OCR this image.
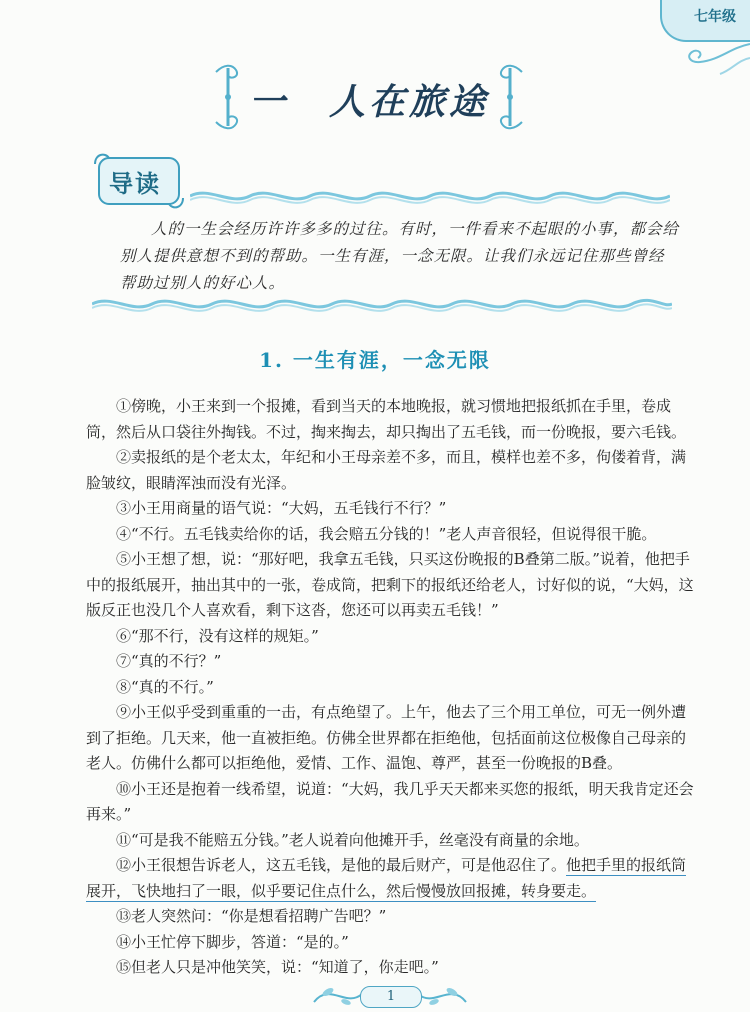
七年级
一　人在旅途
导读
人的一生会经历许许多多的过往。有时，一件看来不起眼的小事，都会给别人提供意想不到的帮助。一生有涯，一念无限。让我们永远记住那些曾经帮助过别人的好心人。
1. 一生有涯，一念无限

①傍晚，小王来到一个报摊，看到当天的本地晚报，就习惯地把报纸抓在手里，卷成筒，然后从口袋往外掏钱。不过，掏来掏去，却只掏出了五毛钱，而一份晚报，要六毛钱。

②卖报纸的是个老太太，年纪和小王母亲差不多，而且，模样也差不多，佝偻着背，满脸皱纹，眼睛浑浊而没有光泽。

③小王用商量的语气说：“大妈，五毛钱行不行？”

④“不行。五毛钱卖给你的话，我会赔五分钱的！”老人声音很轻，但说得很干脆。

⑤小王想了想，说：“那好吧，我拿五毛钱，只买这份晚报的B叠第二版。”说着，他把手中的报纸展开，抽出其中的一张，卷成筒，把剩下的报纸还给老人，讨好似的说，“大妈，这版反正也没几个人喜欢看，剩下这沓，您还可以再卖五毛钱！”

⑥“那不行，没有这样的规矩。”

⑦“真的不行？”

⑧“真的不行。”

⑨小王似乎受到重重的一击，有点绝望了。上午，他去了三个用工单位，可无一例外遭到了拒绝。几天来，他一直被拒绝。仿佛全世界都在拒绝他，包括面前这位极像自己母亲的老人。仿佛什么都可以拒绝他，爱情、工作、温饱、尊严，甚至一份晚报的B叠。

⑩小王还是抱着一线希望，说道：“大妈，我几乎天天都来买您的报纸，明天我肯定还会再来。”

⑪“可是我不能赔五分钱。”老人说着向他摊开手，丝毫没有商量的余地。

⑫小王很想告诉老人，这五毛钱，是他的最后财产，可是他忍住了。他把手里的报纸筒展开，飞快地扫了一眼，似乎要记住点什么，然后慢慢放回报摊，转身要走。

⑬老人突然问：“你是想看招聘广告吧？”

⑭小王忙停下脚步，答道：“是的。”

⑮但老人只是冲他笑笑，说：“知道了，你走吧。”

1
